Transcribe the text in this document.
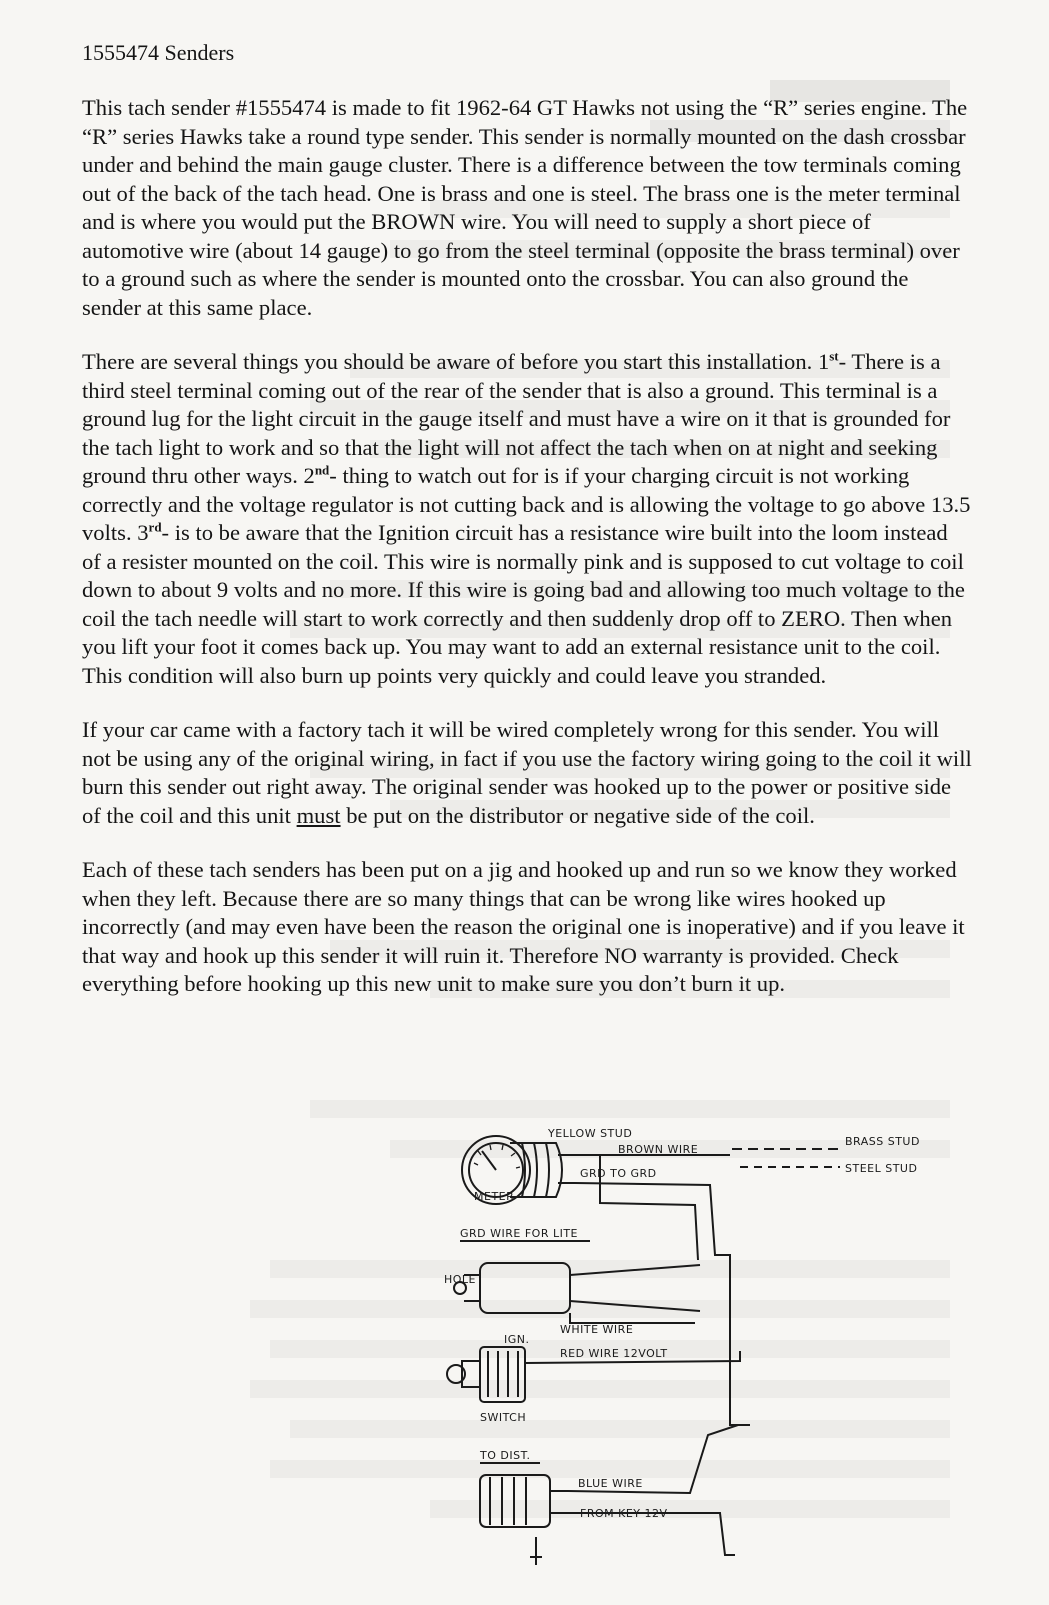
1555474 Senders

This tach sender #1555474 is made to fit 1962-64 GT Hawks not using the “R” series engine. The “R” series Hawks take a round type sender. This sender is normally mounted on the dash crossbar under and behind the main gauge cluster. There is a difference between the tow terminals coming out of the back of the tach head. One is brass and one is steel. The brass one is the meter terminal and is where you would put the BROWN wire. You will need to supply a short piece of automotive wire (about 14 gauge) to go from the steel terminal (opposite the brass terminal) over to a ground such as where the sender is mounted onto the crossbar. You can also ground the sender at this same place.

There are several things you should be aware of before you start this installation. 1st- There is a third steel terminal coming out of the rear of the sender that is also a ground. This terminal is a ground lug for the light circuit in the gauge itself and must have a wire on it that is grounded for the tach light to work and so that the light will not affect the tach when on at night and seeking ground thru other ways. 2nd- thing to watch out for is if your charging circuit is not working correctly and the voltage regulator is not cutting back and is allowing the voltage to go above 13.5 volts. 3rd- is to be aware that the Ignition circuit has a resistance wire built into the loom instead of a resister mounted on the coil. This wire is normally pink and is supposed to cut voltage to coil down to about 9 volts and no more. If this wire is going bad and allowing too much voltage to the coil the tach needle will start to work correctly and then suddenly drop off to ZERO. Then when you lift your foot it comes back up. You may want to add an external resistance unit to the coil. This condition will also burn up points very quickly and could leave you stranded.

If your car came with a factory tach it will be wired completely wrong for this sender. You will not be using any of the original wiring, in fact if you use the factory wiring going to the coil it will burn this sender out right away. The original sender was hooked up to the power or positive side of the coil and this unit must be put on the distributor or negative side of the coil.

Each of these tach senders has been put on a jig and hooked up and run so we know they worked when they left. Because there are so many things that can be wrong like wires hooked up incorrectly (and may even have been the reason the original one is inoperative) and if you leave it that way and hook up this sender it will ruin it. Therefore NO warranty is provided. Check everything before hooking up this new unit to make sure you don’t burn it up.

YELLOW STUD
BROWN WIRE
BRASS STUD
GRD TO GRD	STEEL STUD
METER
GRD WIRE FOR LITE
HOLE
WHITE WIRE
IGN.
RED WIRE 12VOLT
SWITCH
TO DIST.
BLUE WIRE
FROM KEY 12V
